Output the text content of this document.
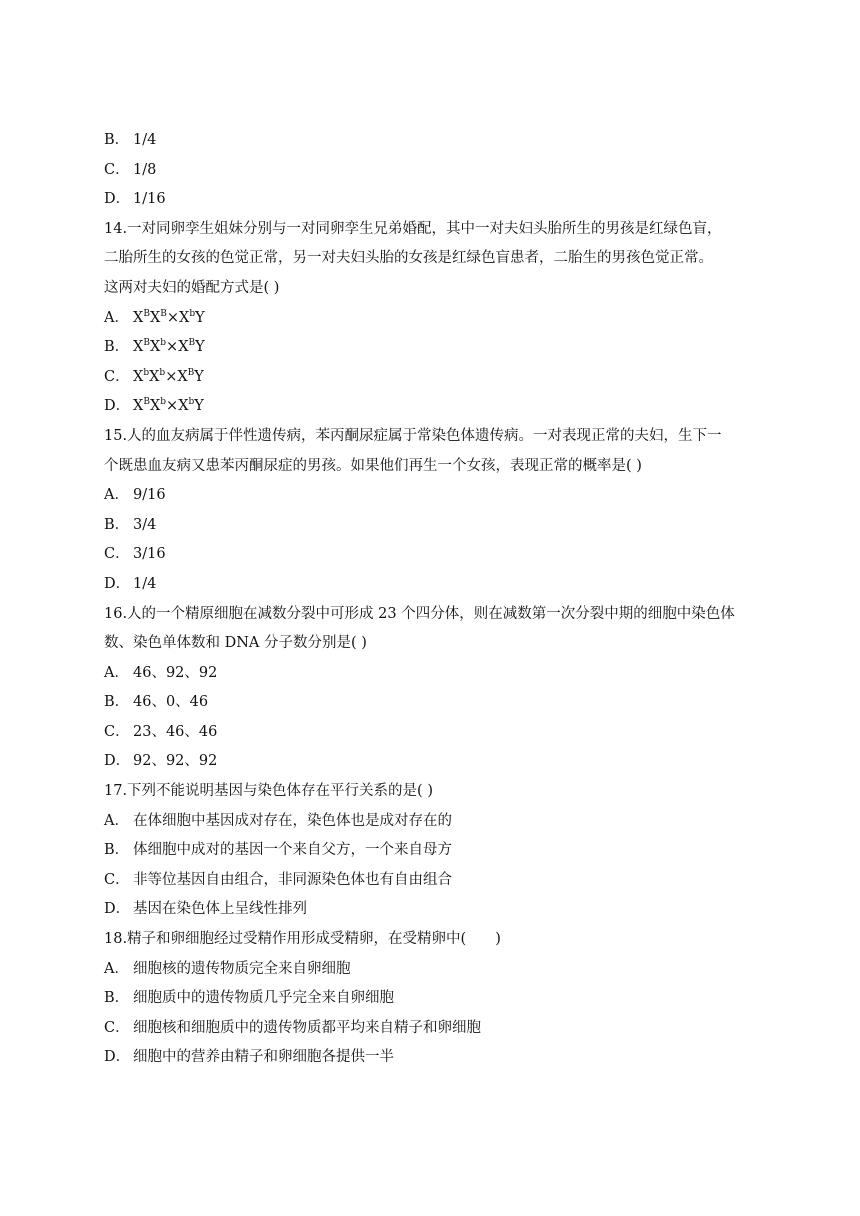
B． 1/4
C． 1/8
D． 1/16
14.一对同卵孪生姐妹分别与一对同卵孪生兄弟婚配，其中一对夫妇头胎所生的男孩是红绿色盲，
二胎所生的女孩的色觉正常，另一对夫妇头胎的女孩是红绿色盲患者，二胎生的男孩色觉正常。
这两对夫妇的婚配方式是( )
A． $X^BX^B\times X^bY$
B． $X^BX^b\times X^BY$
C． $X^bX^b\times X^BY$
D． $X^BX^b\times X^bY$
15.人的血友病属于伴性遗传病，苯丙酮尿症属于常染色体遗传病。一对表现正常的夫妇，生下一
个既患血友病又患苯丙酮尿症的男孩。如果他们再生一个女孩，表现正常的概率是( )
A． 9/16
B． 3/4
C． 3/16
D． 1/4
16.人的一个精原细胞在减数分裂中可形成 23 个四分体，则在减数第一次分裂中期的细胞中染色体
数、染色单体数和 DNA 分子数分别是( )
A． 46、92、92
B． 46、0、46
C． 23、46、46
D． 92、92、92
17.下列不能说明基因与染色体存在平行关系的是( )
A． 在体细胞中基因成对存在，染色体也是成对存在的
B． 体细胞中成对的基因一个来自父方，一个来自母方
C． 非等位基因自由组合，非同源染色体也有自由组合
D． 基因在染色体上呈线性排列
18.精子和卵细胞经过受精作用形成受精卵，在受精卵中(　　)
A． 细胞核的遗传物质完全来自卵细胞
B． 细胞质中的遗传物质几乎完全来自卵细胞
C． 细胞核和细胞质中的遗传物质都平均来自精子和卵细胞
D． 细胞中的营养由精子和卵细胞各提供一半
